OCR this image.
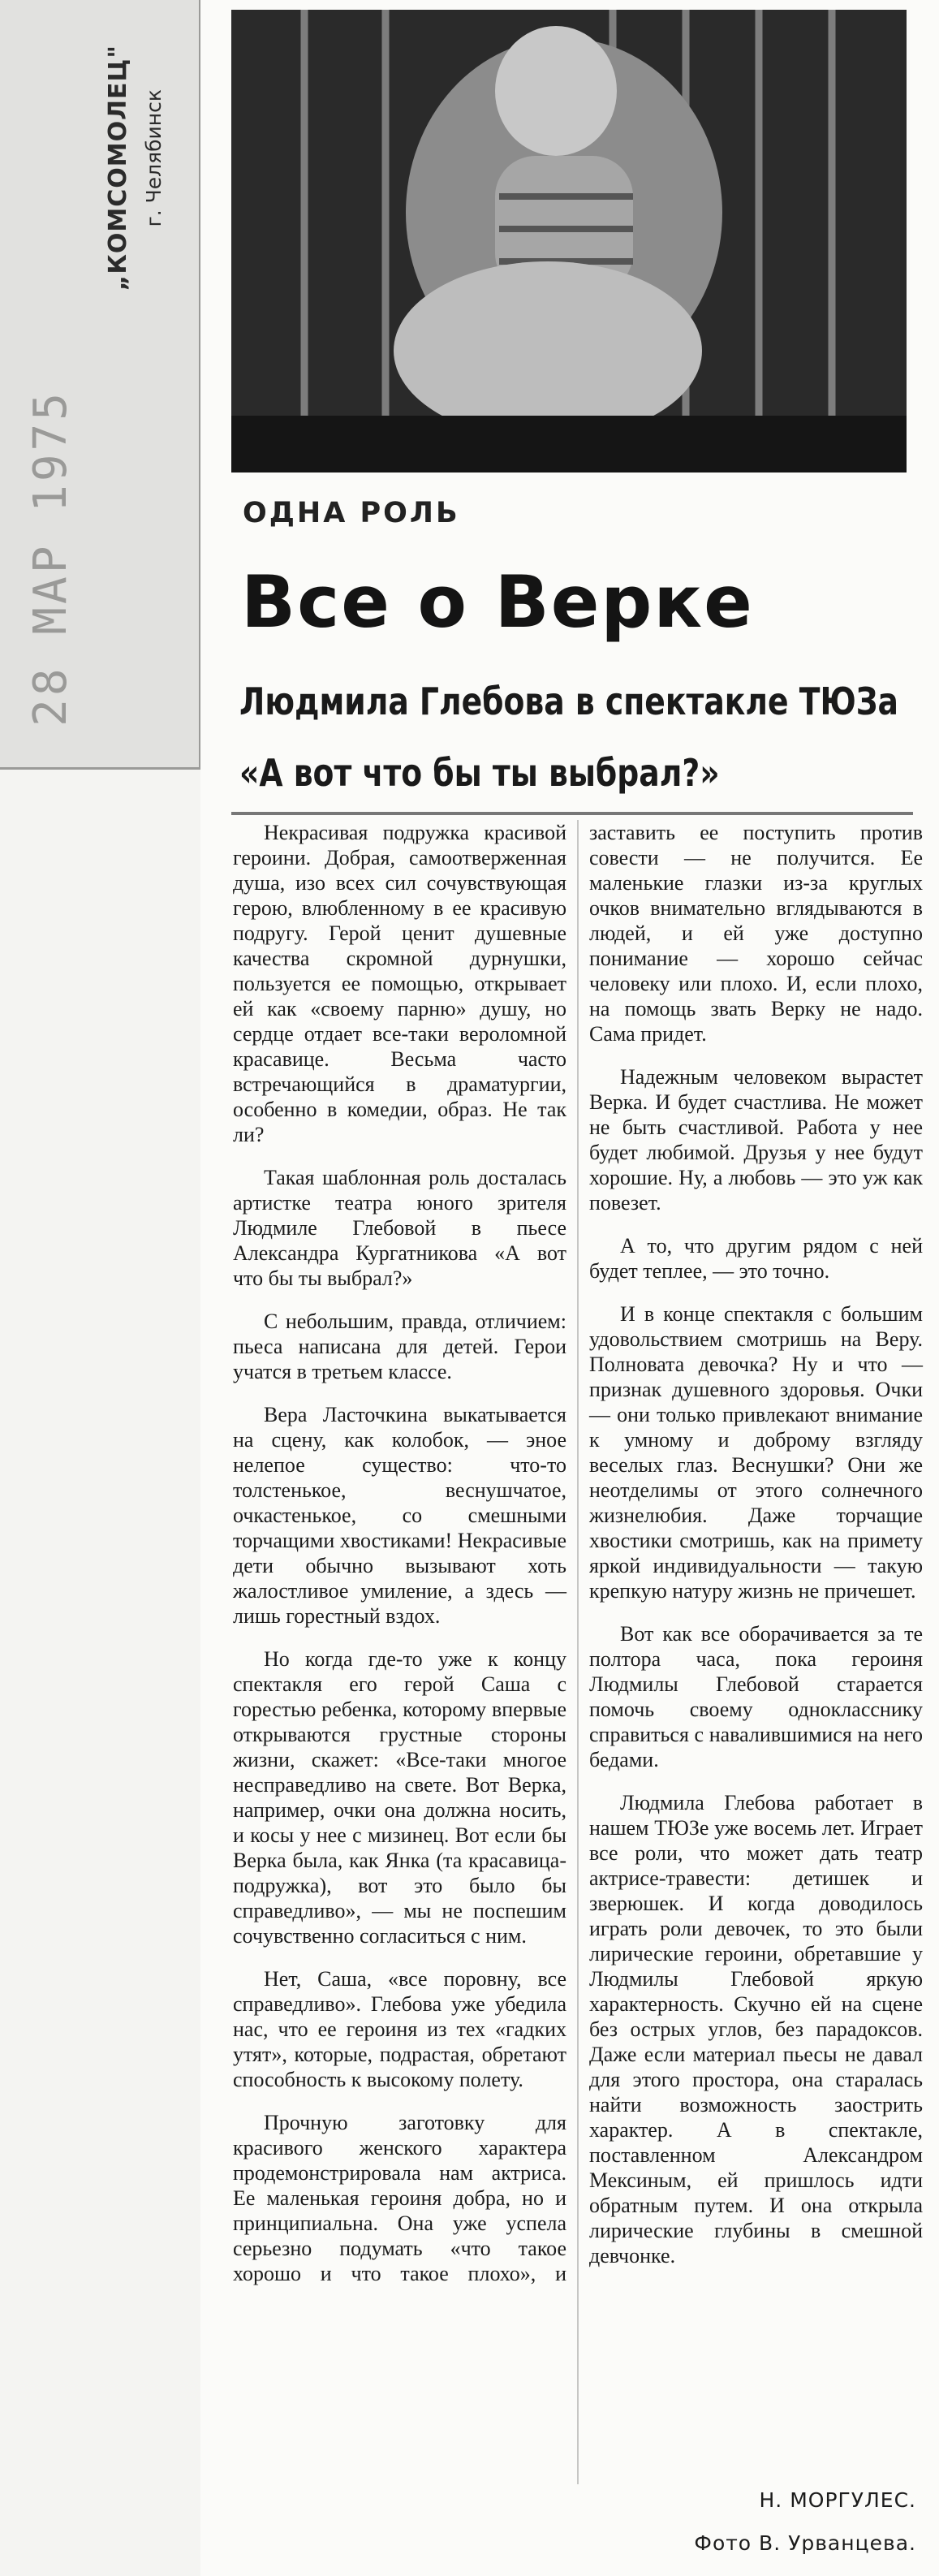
„КОМСОМОЛЕЦ" г. Челябинск
28 МАР 1975	ОДНА РОЛЬ
Все о Верке
Людмила Глебова в спектакле ТЮЗа
«А вот что бы ты выбрал?»

Некрасивая подружка красивой героини. Добрая, самоотверженная душа, изо всех сил сочувствующая герою, влюбленному в ее красивую подругу. Герой ценит душевные качества скромной дурнушки, пользуется ее помощью, открывает ей как «своему парню» душу, но сердце отдает все-таки вероломной красавице. Весьма часто встречающийся в драматургии, особенно в комедии, образ. Не так ли?

Такая шаблонная роль досталась артистке театра юного зрителя Людмиле Глебовой в пьесе Александра Кургатникова «А вот что бы ты выбрал?»

С небольшим, правда, отличием: пьеса написана для детей. Герои учатся в третьем классе.

Вера Ласточкина выкатывается на сцену, как колобок, — эное нелепое существо: что-то толстенькое, веснушчатое, очкастенькое, со смешными торчащими хвостиками! Некрасивые дети обычно вызывают хоть жалостливое умиление, а здесь — лишь горестный вздох.

Но когда где-то уже к концу спектакля его герой Саша с горестью ребенка, которому впервые открываются грустные стороны жизни, скажет: «Все-таки многое несправедливо на свете. Вот Верка, например, очки она должна носить, и косы у нее с мизинец. Вот если бы Верка была, как Янка (та красавица-подружка), вот это было бы справедливо», — мы не поспешим сочувственно согласиться с ним.

Нет, Саша, «все поровну, все справедливо». Глебова уже убедила нас, что ее героиня из тех «гадких утят», которые, подрастая, обретают способность к высокому полету.

Прочную заготовку для красивого женского характера продемонстрировала нам актриса. Ее маленькая героиня добра, но и принципиальна. Она уже успела серьезно подумать «что такое хорошо и что такое плохо», и заставить ее поступить против совести — не получится. Ее маленькие глазки из-за круглых очков внимательно вглядываются в людей, и ей уже доступно понимание — хорошо сейчас человеку или плохо. И, если плохо, на помощь звать Верку не надо. Сама придет.

Надежным человеком вырастет Верка. И будет счастлива. Не может не быть счастливой. Работа у нее будет любимой. Друзья у нее будут хорошие. Ну, а любовь — это уж как повезет.

А то, что другим рядом с ней будет теплее, — это точно.

И в конце спектакля с большим удовольствием смотришь на Веру. Полновата девочка? Ну и что — признак душевного здоровья. Очки — они только привлекают внимание к умному и доброму взгляду веселых глаз. Веснушки? Они же неотделимы от этого солнечного жизнелюбия. Даже торчащие хвостики смотришь, как на примету яркой индивидуальности — такую крепкую натуру жизнь не причешет.

Вот как все оборачивается за те полтора часа, пока героиня Людмилы Глебовой старается помочь своему однокласснику справиться с навалившимися на него бедами.

Людмила Глебова работает в нашем ТЮЗе уже восемь лет. Играет все роли, что может дать театр актрисе-травести: детишек и зверюшек. И когда доводилось играть роли девочек, то это были лирические героини, обретавшие у Людмилы Глебовой яркую характерность. Скучно ей на сцене без острых углов, без парадоксов. Даже если материал пьесы не давал для этого простора, она старалась найти возможность заострить характер. А в спектакле, поставленном Александром Мексиным, ей пришлось идти обратным путем. И она открыла лирические глубины в смешной девчонке.

Н. МОРГУЛЕС.
Фото В. Урванцева.
